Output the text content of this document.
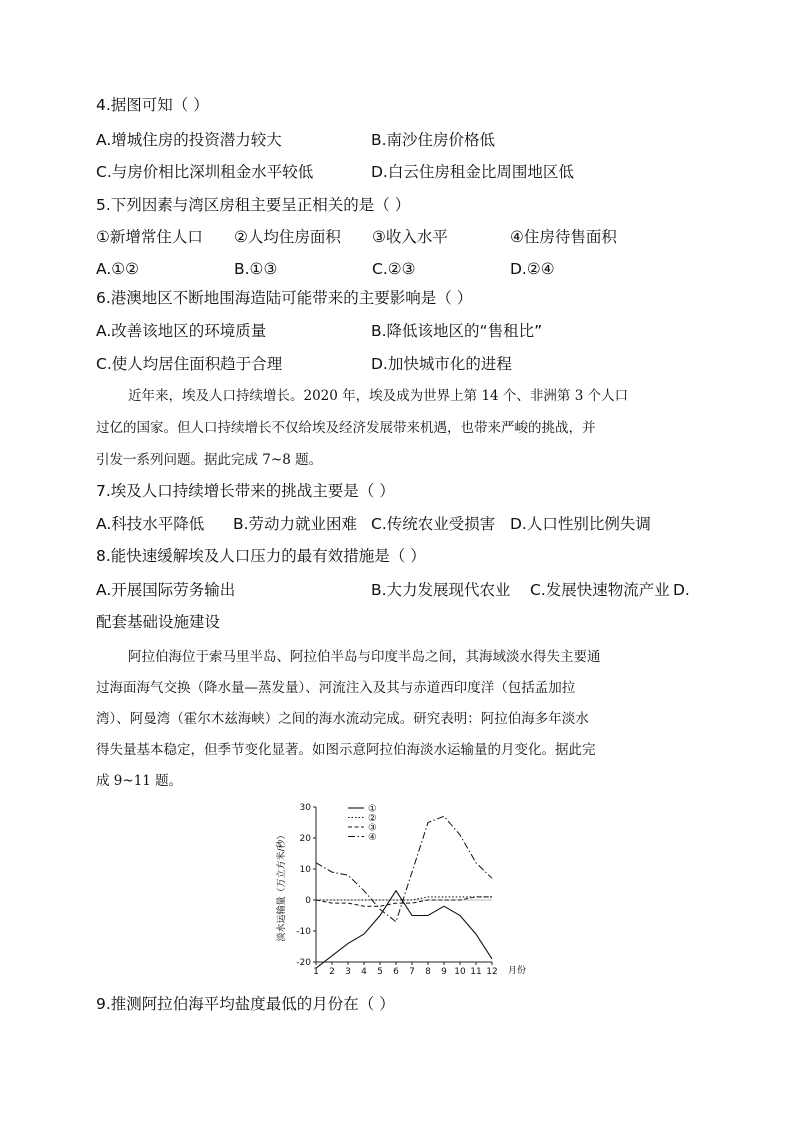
4.据图可知（ ）
A.增城住房的投资潜力较大	B.南沙住房价格低
C.与房价相比深圳租金水平较低	D.白云住房租金比周围地区低
5.下列因素与湾区房租主要呈正相关的是（ ）
①新增常住人口 ②人均住房面积 ③收入水平	④住房待售面积
A.①②	B.①③	C.②③	D.②④
6.港澳地区不断地围海造陆可能带来的主要影响是（ ）
A.改善该地区的环境质量	B.降低该地区的“售租比”
C.使人均居住面积趋于合理	D.加快城市化的进程
近年来，埃及人口持续增长。2020 年，埃及成为世界上第 14 个、非洲第 3 个人口
过亿的国家。但人口持续增长不仅给埃及经济发展带来机遇，也带来严峻的挑战，并
引发一系列问题。据此完成 7~8 题。
7.埃及人口持续增长带来的挑战主要是（ ）
A.科技水平降低 B.劳动力就业困难 C.传统农业受损害 D.人口性别比例失调
8.能快速缓解埃及人口压力的最有效措施是（ ）
A.开展国际劳务输出	B.大力发展现代农业 C.发展快速物流产业 D.
配套基础设施建设
阿拉伯海位于索马里半岛、阿拉伯半岛与印度半岛之间，其海域淡水得失主要通
过海面海气交换（降水量—蒸发量）、河流注入及其与赤道西印度洋（包括孟加拉
湾）、阿曼湾（霍尔木兹海峡）之间的海水流动完成。研究表明：阿拉伯海多年淡水
得失量基本稳定，但季节变化显著。如图示意阿拉伯海淡水运输量的月变化。据此完
成 9~11 题。
淡水运输量（万立方米/秒）
月份
-20
-10
0
10
20
30
1 2 3 4 5 6 7 8 9 10 11 12
①
②
③
④
9.推测阿拉伯海平均盐度最低的月份在（ ）
